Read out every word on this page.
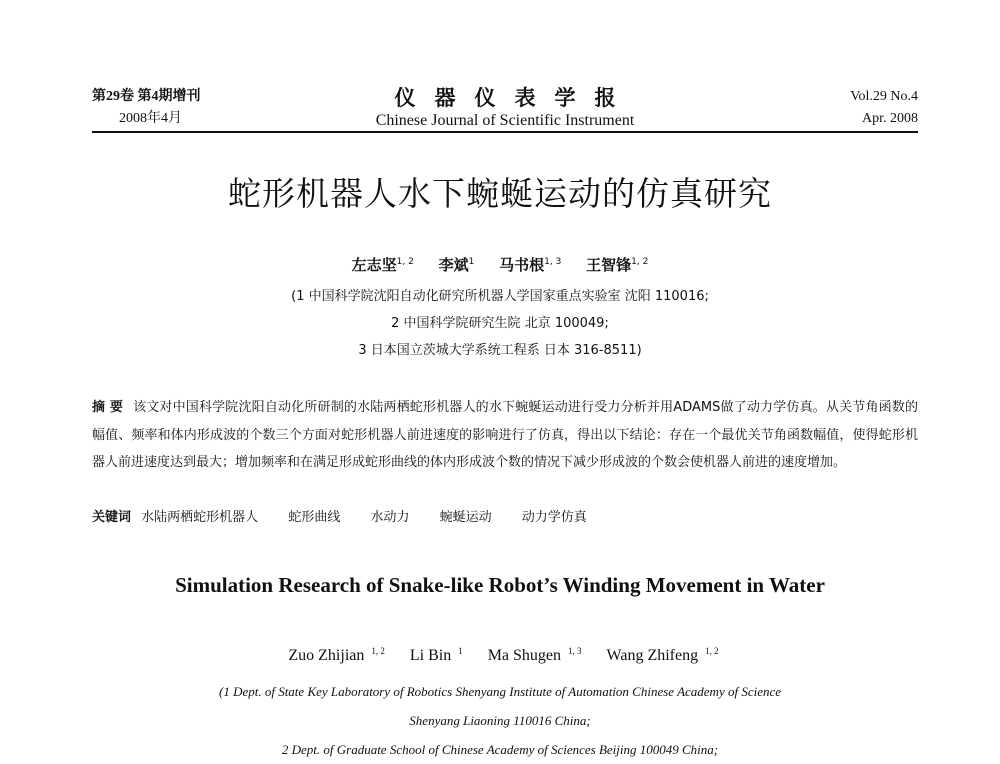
第29卷 第4期增刊
2008年4月
仪器仪表学报
Chinese Journal of Scientific Instrument
Vol.29 No.4
Apr. 2008
蛇形机器人水下蜿蜒运动的仿真研究
左志坚$^{1, 2}$ 李斌$^1$ 马书根$^{1, 3}$ 王智锋$^{1, 2}$
(1 中国科学院沈阳自动化研究所机器人学国家重点实验室 沈阳 110016;
2 中国科学院研究生院 北京 100049;
3 日本国立茨城大学系统工程系 日本 316-8511)
摘 要 该文对中国科学院沈阳自动化所研制的水陆两栖蛇形机器人的水下蜿蜒运动进行受力分析并用ADAMS做了动力学仿真。从关节角函数的幅值、频率和体内形成波的个数三个方面对蛇形机器人前进速度的影响进行了仿真，得出以下结论：存在一个最优关节角函数幅值，使得蛇形机器人前进速度达到最大；增加频率和在满足形成蛇形曲线的体内形成波个数的情况下减少形成波的个数会使机器人前进的速度增加。
关键词 水陆两栖蛇形机器人 蛇形曲线 水动力 蜿蜒运动 动力学仿真
Simulation Research of Snake-like Robot’s Winding Movement in Water
Zuo Zhijian $^{1, 2}$ Li Bin $^1$ Ma Shugen $^{1, 3}$ Wang Zhifeng $^{1, 2}$
(1 Dept. of State Key Laboratory of Robotics Shenyang Institute of Automation Chinese Academy of Science
Shenyang Liaoning 110016 China;
2 Dept. of Graduate School of Chinese Academy of Sciences Beijing 100049 China;
